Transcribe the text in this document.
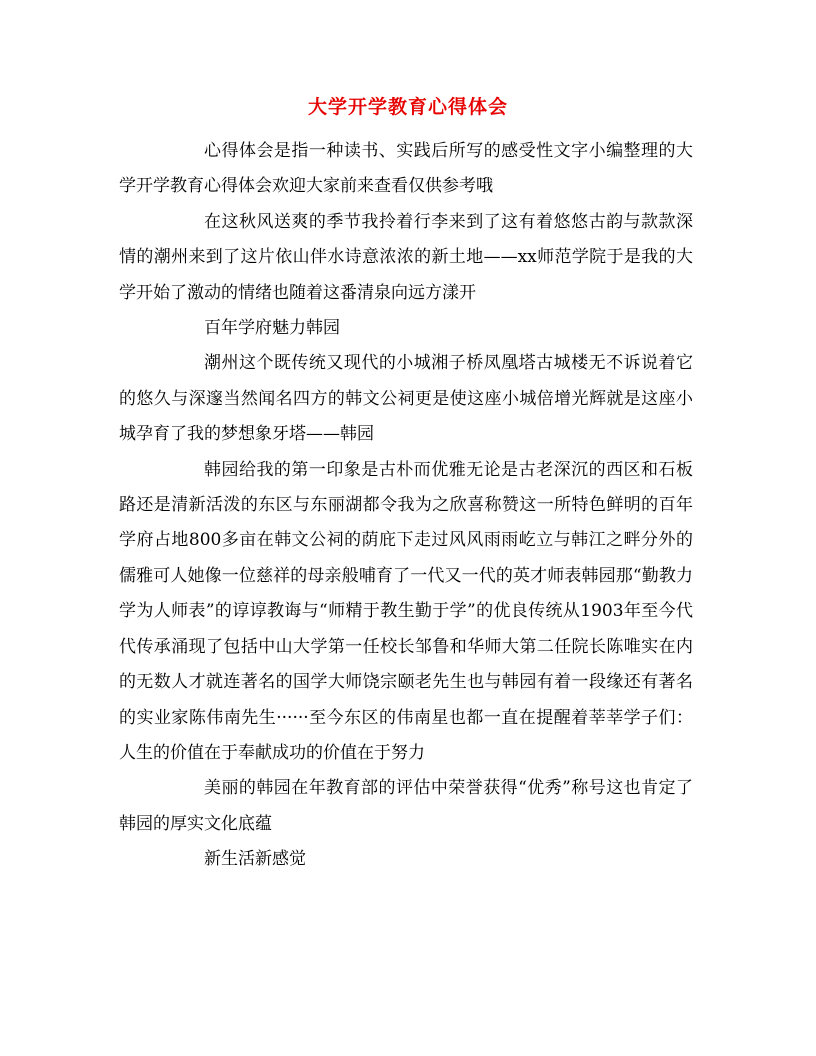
大学开学教育心得体会

心得体会是指一种读书、实践后所写的感受性文字小编整理的大学开学教育心得体会欢迎大家前来查看仅供参考哦

在这秋风送爽的季节我拎着行李来到了这有着悠悠古韵与款款深情的潮州来到了这片依山伴水诗意浓浓的新土地——xx师范学院于是我的大学开始了激动的情绪也随着这番清泉向远方漾开

百年学府魅力韩园

潮州这个既传统又现代的小城湘子桥凤凰塔古城楼无不诉说着它的悠久与深邃当然闻名四方的韩文公祠更是使这座小城倍增光辉就是这座小城孕育了我的梦想象牙塔——韩园

韩园给我的第一印象是古朴而优雅无论是古老深沉的西区和石板路还是清新活泼的东区与东丽湖都令我为之欣喜称赞这一所特色鲜明的百年学府占地800多亩在韩文公祠的荫庇下走过风风雨雨屹立与韩江之畔分外的儒雅可人她像一位慈祥的母亲般哺育了一代又一代的英才师表韩园那“勤教力学为人师表”的谆谆教诲与“师精于教生勤于学”的优良传统从1903年至今代代传承涌现了包括中山大学第一任校长邹鲁和华师大第二任院长陈唯实在内的无数人才就连著名的国学大师饶宗颐老先生也与韩园有着一段缘还有著名的实业家陈伟南先生······至今东区的伟南星也都一直在提醒着莘莘学子们：人生的价值在于奉献成功的价值在于努力

美丽的韩园在年教育部的评估中荣誉获得“优秀”称号这也肯定了韩园的厚实文化底蕴

新生活新感觉
